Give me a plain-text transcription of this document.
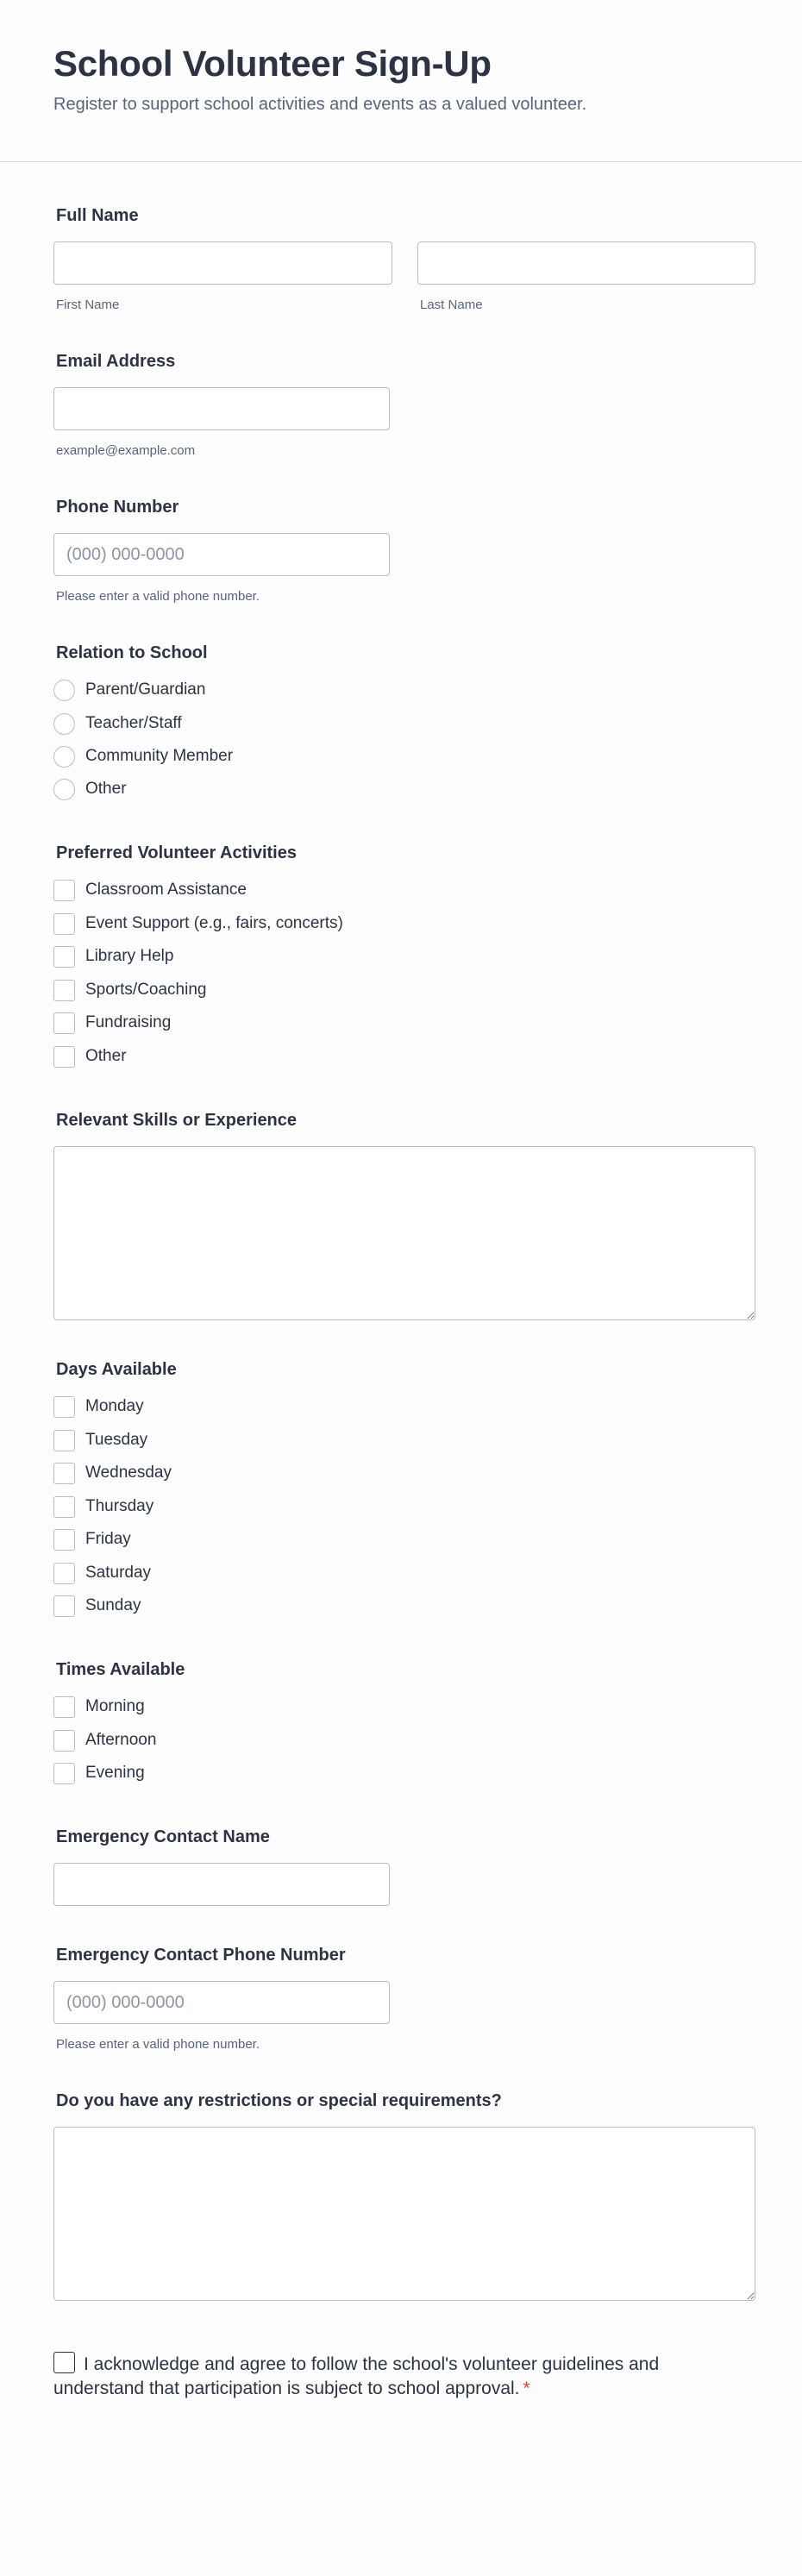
School Volunteer Sign-Up

Register to support school activities and events as a valued volunteer.

Full Name
First Name	Last Name
Email Address
example@example.com
Phone Number
(000) 000-0000
Please enter a valid phone number.
Relation to School
Parent/Guardian
Teacher/Staff
Community Member
Other
Preferred Volunteer Activities
Classroom Assistance
Event Support (e.g., fairs, concerts)
Library Help
Sports/Coaching
Fundraising
Other
Relevant Skills or Experience
Days Available
Monday
Tuesday
Wednesday
Thursday
Friday
Saturday
Sunday
Times Available
Morning
Afternoon
Evening
Emergency Contact Name
Emergency Contact Phone Number
(000) 000-0000
Please enter a valid phone number.
Do you have any restrictions or special requirements?
I acknowledge and agree to follow the school's volunteer guidelines and understand that participation is subject to school approval. *
